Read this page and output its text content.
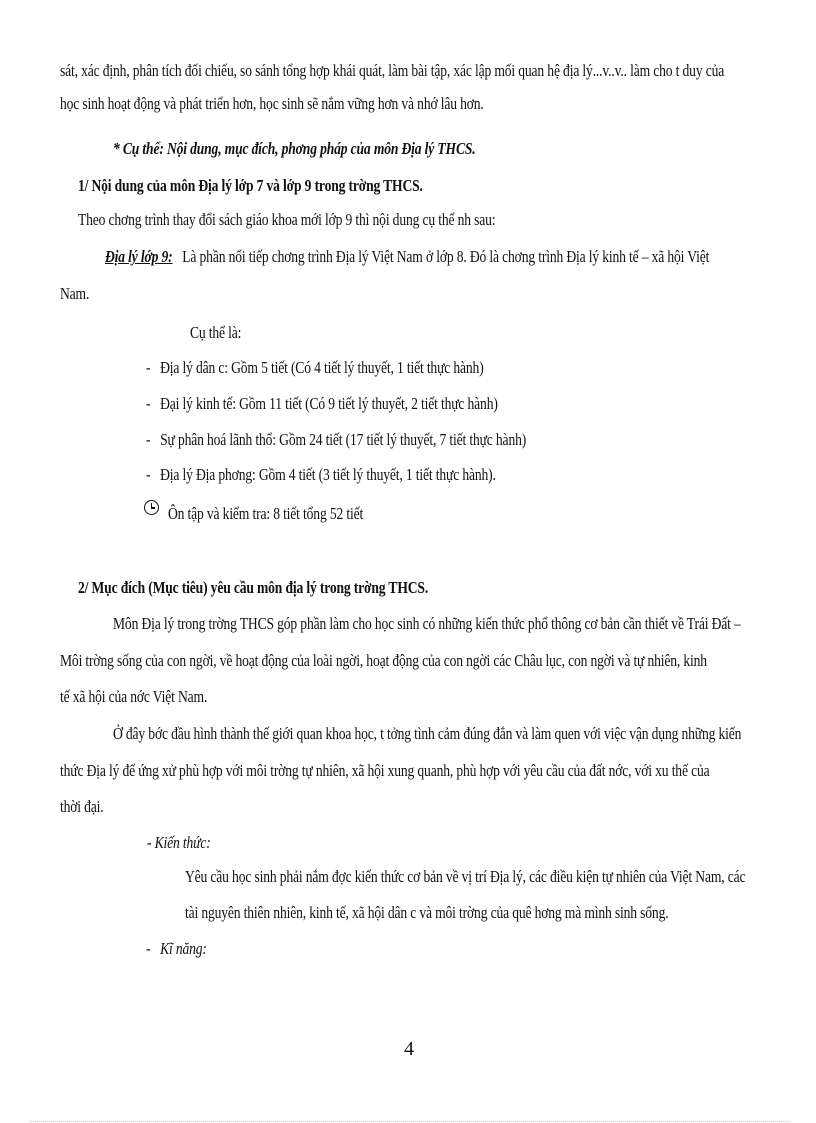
sát, xác định, phân tích đối chiếu, so sánh tổng hợp khái quát, làm bài tập, xác lập mối quan hệ địa lý...v..v.. làm cho t duy của
học sinh hoạt động và phát triển hơn, học sinh sẽ nắm vững hơn và nhớ lâu hơn.
* Cụ thể: Nội dung, mục đích, phơng pháp của môn Địa lý THCS.
1/ Nội dung của môn Địa lý lớp 7 và lớp 9 trong trờng THCS.
Theo chơng trình thay đổi sách giáo khoa mới lớp 9 thì nội dung cụ thể nh sau:
Địa lý lớp 9: Là phần nối tiếp chơng trình Địa lý Việt Nam ở lớp 8. Đó là chơng trình Địa lý kinh tế – xã hội Việt
Nam.
Cụ thể là:
-   Địa lý dân c: Gồm 5 tiết (Có 4 tiết lý thuyết, 1 tiết thực hành)
-   Đại lý kinh tế: Gồm 11 tiết (Có 9 tiết lý thuyết, 2 tiết thực hành)
-   Sự phân hoá lãnh thổ: Gồm 24 tiết (17 tiết lý thuyết, 7 tiết thực hành)
-   Địa lý Địa phơng: Gồm 4 tiết (3 tiết lý thuyết, 1 tiết thực hành).
Ôn tập và kiểm tra: 8 tiết tổng 52 tiết
2/ Mục đích (Mục tiêu) yêu cầu môn địa lý trong trờng THCS.
Môn Địa lý trong trờng THCS góp phần làm cho học sinh có những kiến thức phổ thông cơ bản cần thiết về Trái Đất –
Môi trờng sống của con ngời, về hoạt động của loài ngời, hoạt động của con ngời các Châu lục, con ngời và tự nhiên, kinh
tế xã hội của nớc Việt Nam.
Ở đây bớc đầu hình thành thế giới quan khoa học, t tởng tình cảm đúng đắn và làm quen với việc vận dụng những kiến
thức Địa lý để ứng xử phù hợp với môi trờng tự nhiên, xã hội xung quanh, phù hợp với yêu cầu của đất nớc, với xu thế của
thời đại.
- Kiến thức:
Yêu cầu học sinh phải nắm đợc kiến thức cơ bản về vị trí Địa lý, các điều kiện tự nhiên của Việt Nam, các
tài nguyên thiên nhiên, kinh tế, xã hội dân c và môi trờng của quê hơng mà mình sinh sống.
- Kĩ năng:
4
